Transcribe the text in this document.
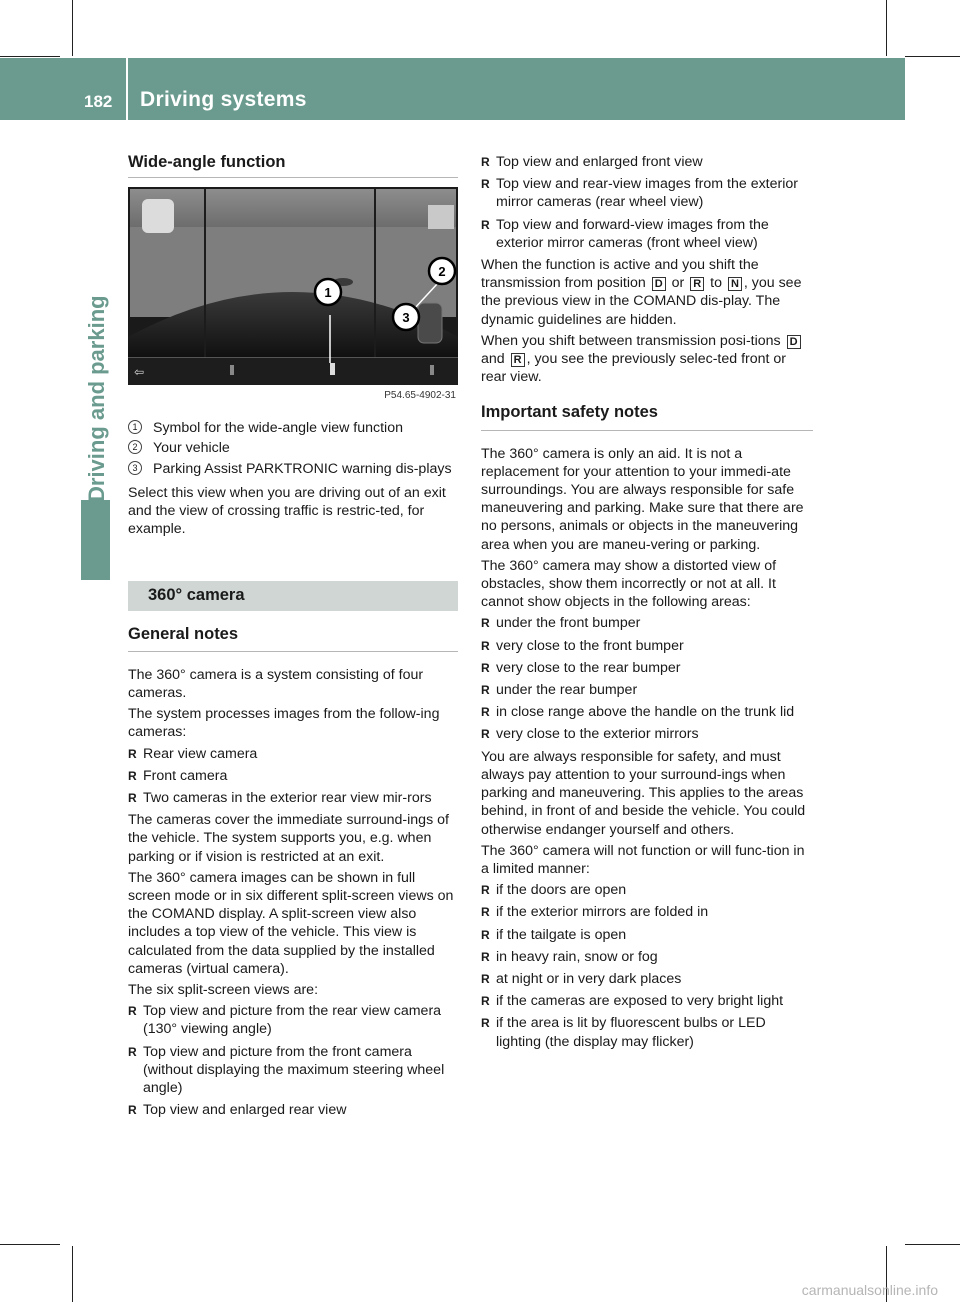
182 Driving systems
Driving and parking
Wide-angle function
⇦
1
2
3
P54.65-4902-31
1	Symbol for the wide-angle view function
2	Your vehicle
3	Parking Assist PARKTRONIC warning dis-plays

Select this view when you are driving out of an exit and the view of crossing traffic is restric-ted, for example.

360° camera
General notes

The 360° camera is a system consisting of four cameras.

The system processes images from the follow-ing cameras:

R Rear view camera
R Front camera
R Two cameras in the exterior rear view mir-rors

The cameras cover the immediate surround-ings of the vehicle. The system supports you, e.g. when parking or if vision is restricted at an exit.

The 360° camera images can be shown in full screen mode or in six different split-screen views on the COMAND display. A split-screen view also includes a top view of the vehicle. This view is calculated from the data supplied by the installed cameras (virtual camera).

The six split-screen views are:

R Top view and picture from the rear view camera (130° viewing angle)
R Top view and picture from the front camera (without displaying the maximum steering wheel angle)
R Top view and enlarged rear view
R Top view and enlarged front view
R Top view and rear-view images from the exterior mirror cameras (rear wheel view)
R Top view and forward-view images from the exterior mirror cameras (front wheel view)

When the function is active and you shift the transmission from position D or R to N , you see the previous view in the COMAND dis-play. The dynamic guidelines are hidden.

When you shift between transmission posi-tions D and R , you see the previously selec-ted front or rear view.

Important safety notes

The 360° camera is only an aid. It is not a replacement for your attention to your immedi-ate surroundings. You are always responsible for safe maneuvering and parking. Make sure that there are no persons, animals or objects in the maneuvering area when you are maneu-vering or parking.

The 360° camera may show a distorted view of obstacles, show them incorrectly or not at all. It cannot show objects in the following areas:

R under the front bumper
R very close to the front bumper
R very close to the rear bumper
R under the rear bumper
R in close range above the handle on the trunk lid
R very close to the exterior mirrors

You are always responsible for safety, and must always pay attention to your surround-ings when parking and maneuvering. This applies to the areas behind, in front of and beside the vehicle. You could otherwise endanger yourself and others.

The 360° camera will not function or will func-tion in a limited manner:

R if the doors are open
R if the exterior mirrors are folded in
R if the tailgate is open
R in heavy rain, snow or fog
R at night or in very dark places
R if the cameras are exposed to very bright light
R if the area is lit by fluorescent bulbs or LED lighting (the display may flicker)
carmanualsonline.info
